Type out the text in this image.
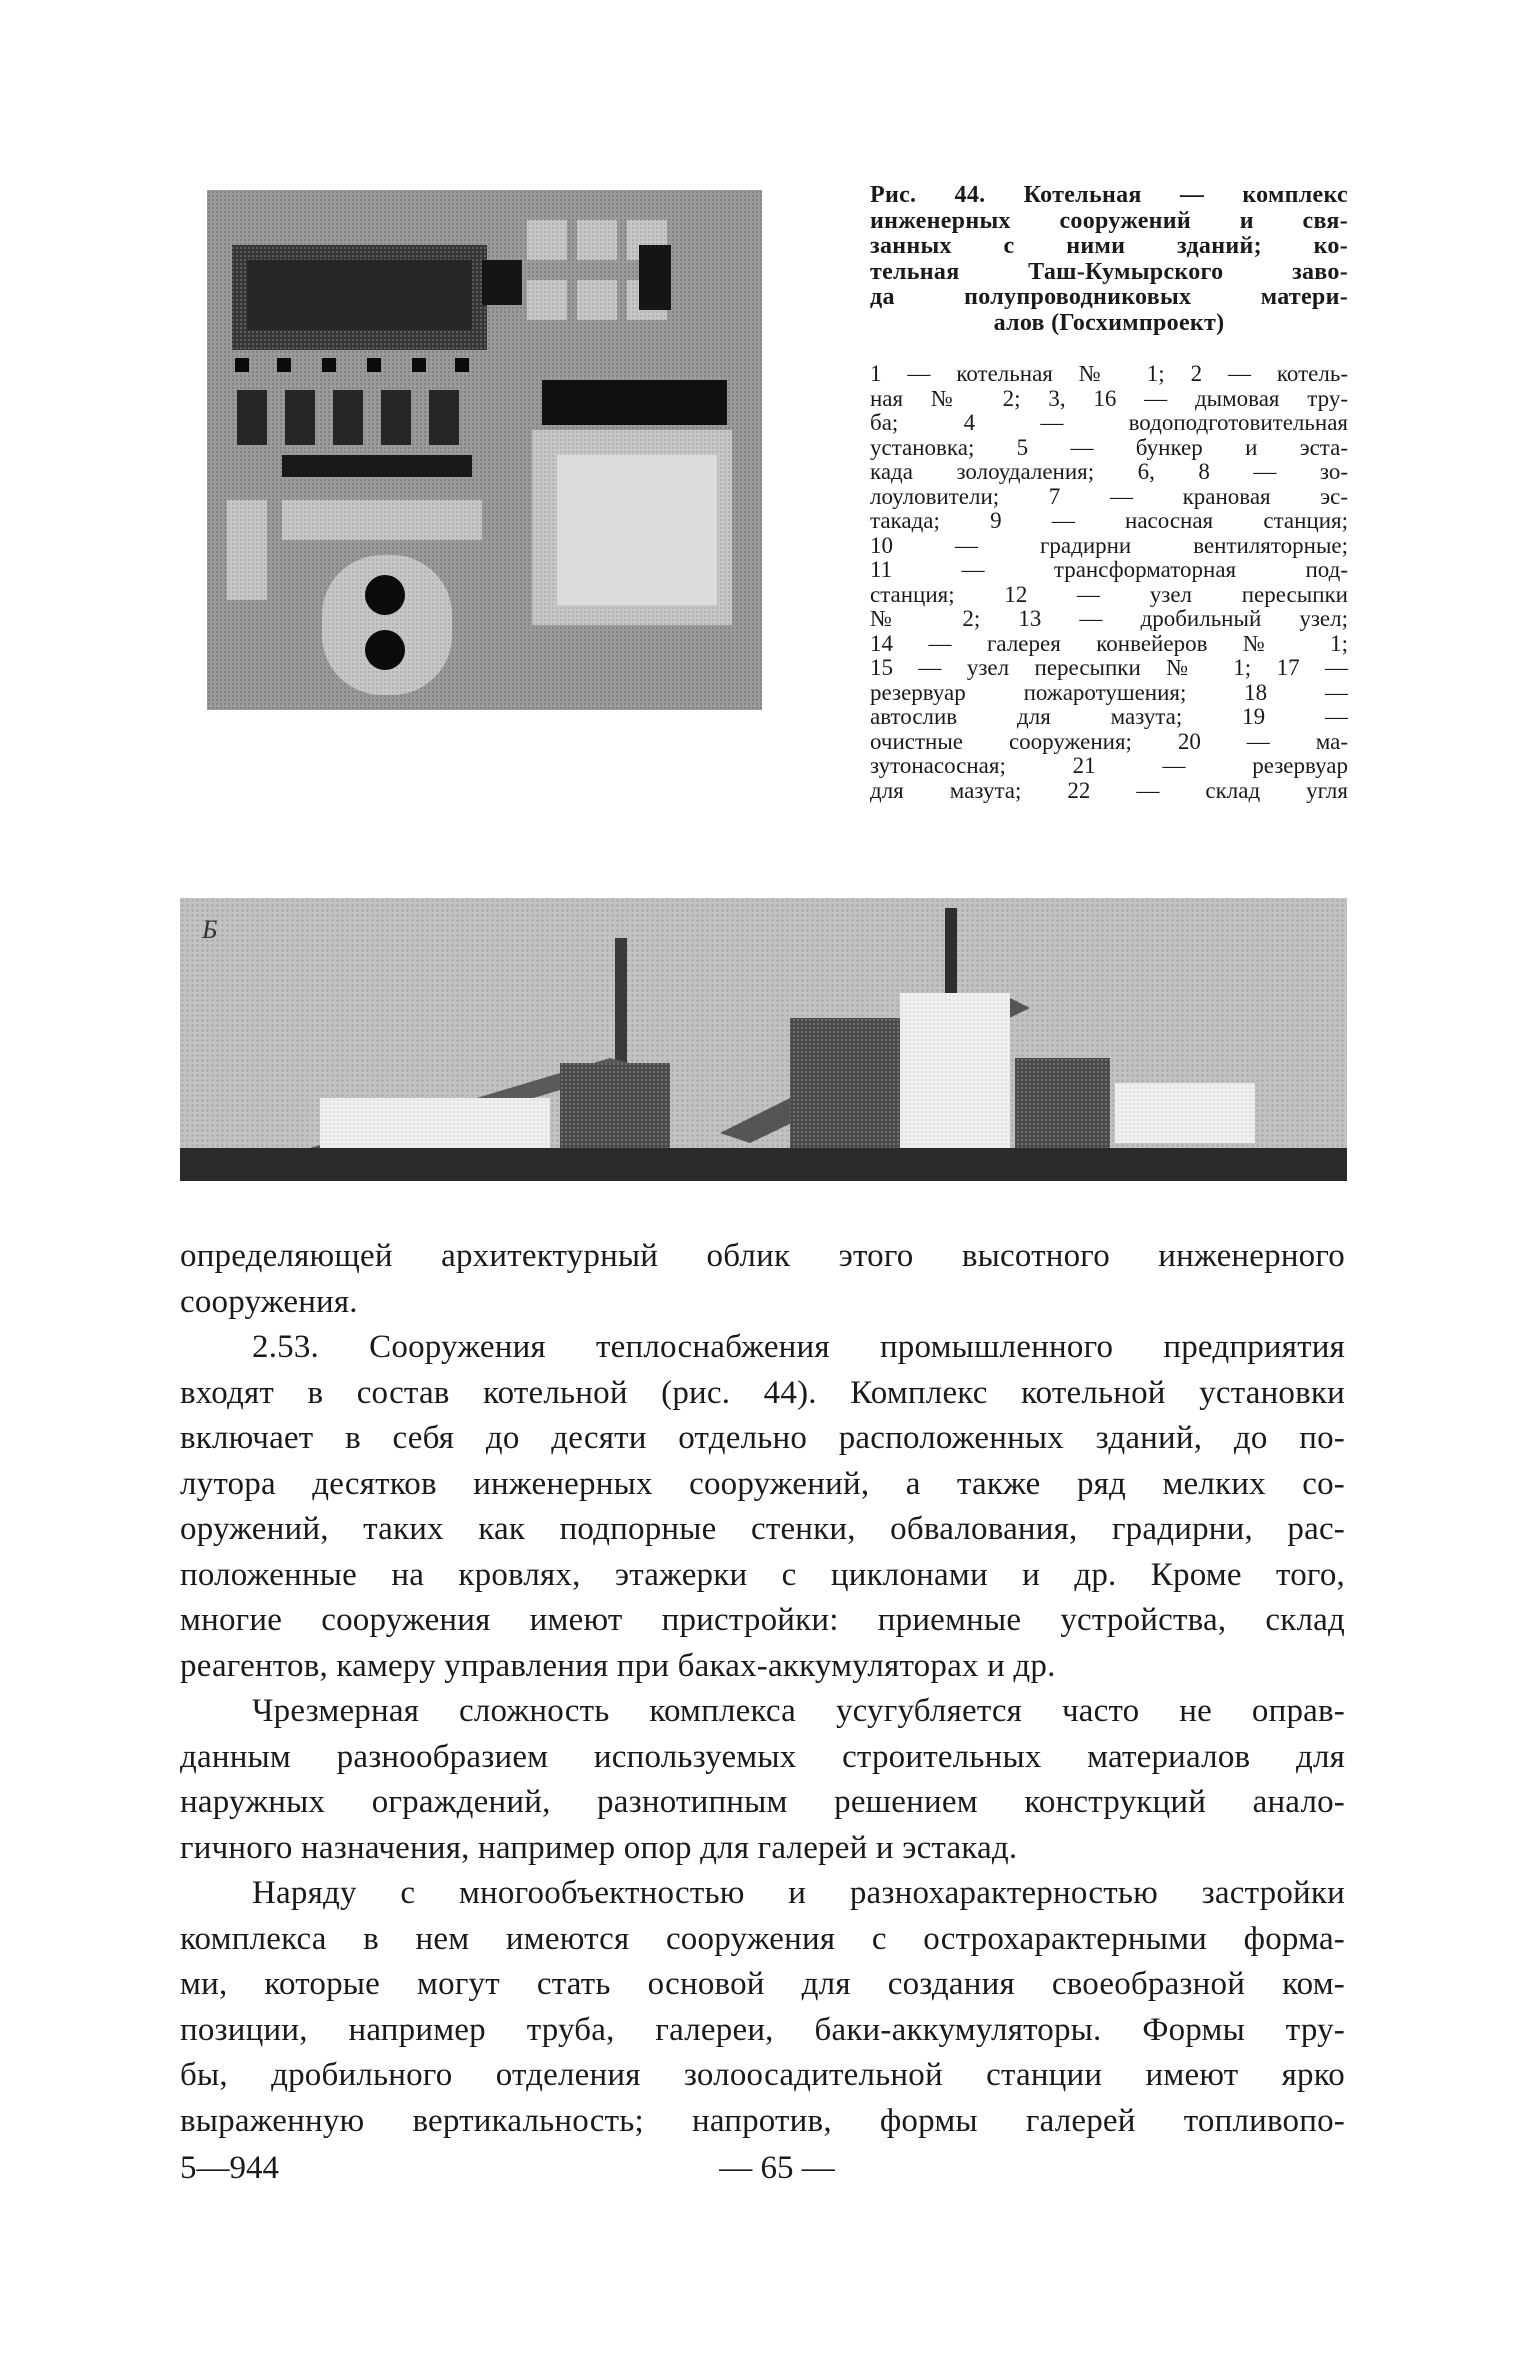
Рис. 44. Котельная — комплекс
инженерных сооружений и свя-
занных с ними зданий; ко-
тельная Таш-Кумырского заво-
да полупроводниковых матери-
алов (Госхимпроект)
1 — котельная № 1; 2 — котель-
ная № 2; 3, 16 — дымовая тру-
ба; 4 — водоподготовительная
установка; 5 — бункер и эста-
када золоудаления; 6, 8 — зо-
лоуловители; 7 — крановая эс-
такада; 9 — насосная станция;
10 — градирни вентиляторные;
11 — трансформаторная под-
станция; 12 — узел пересыпки
№ 2; 13 — дробильный узел;
14 — галерея конвейеров № 1;
15 — узел пересыпки № 1; 17 —
резервуар пожаротушения; 18 —
автослив для мазута; 19 —
очистные сооружения; 20 — ма-
зутонасосная; 21 — резервуар
для мазута; 22 — склад угля
Б
определяющей архитектурный облик этого высотного инженерного
сооружения.
2.53. Сооружения теплоснабжения промышленного предприятия
входят в состав котельной (рис. 44). Комплекс котельной установки
включает в себя до десяти отдельно расположенных зданий, до по-
лутора десятков инженерных сооружений, а также ряд мелких со-
оружений, таких как подпорные стенки, обвалования, градирни, рас-
положенные на кровлях, этажерки с циклонами и др. Кроме того,
многие сооружения имеют пристройки: приемные устройства, склад
реагентов, камеру управления при баках-аккумуляторах и др.
Чрезмерная сложность комплекса усугубляется часто не оправ-
данным разнообразием используемых строительных материалов для
наружных ограждений, разнотипным решением конструкций анало-
гичного назначения, например опор для галерей и эстакад.
Наряду с многообъектностью и разнохарактерностью застройки
комплекса в нем имеются сооружения с острохарактерными форма-
ми, которые могут стать основой для создания своеобразной ком-
позиции, например труба, галереи, баки-аккумуляторы. Формы тру-
бы, дробильного отделения золоосадительной станции имеют ярко
выраженную вертикальность; напротив, формы галерей топливопо-
5—944	— 65 —
